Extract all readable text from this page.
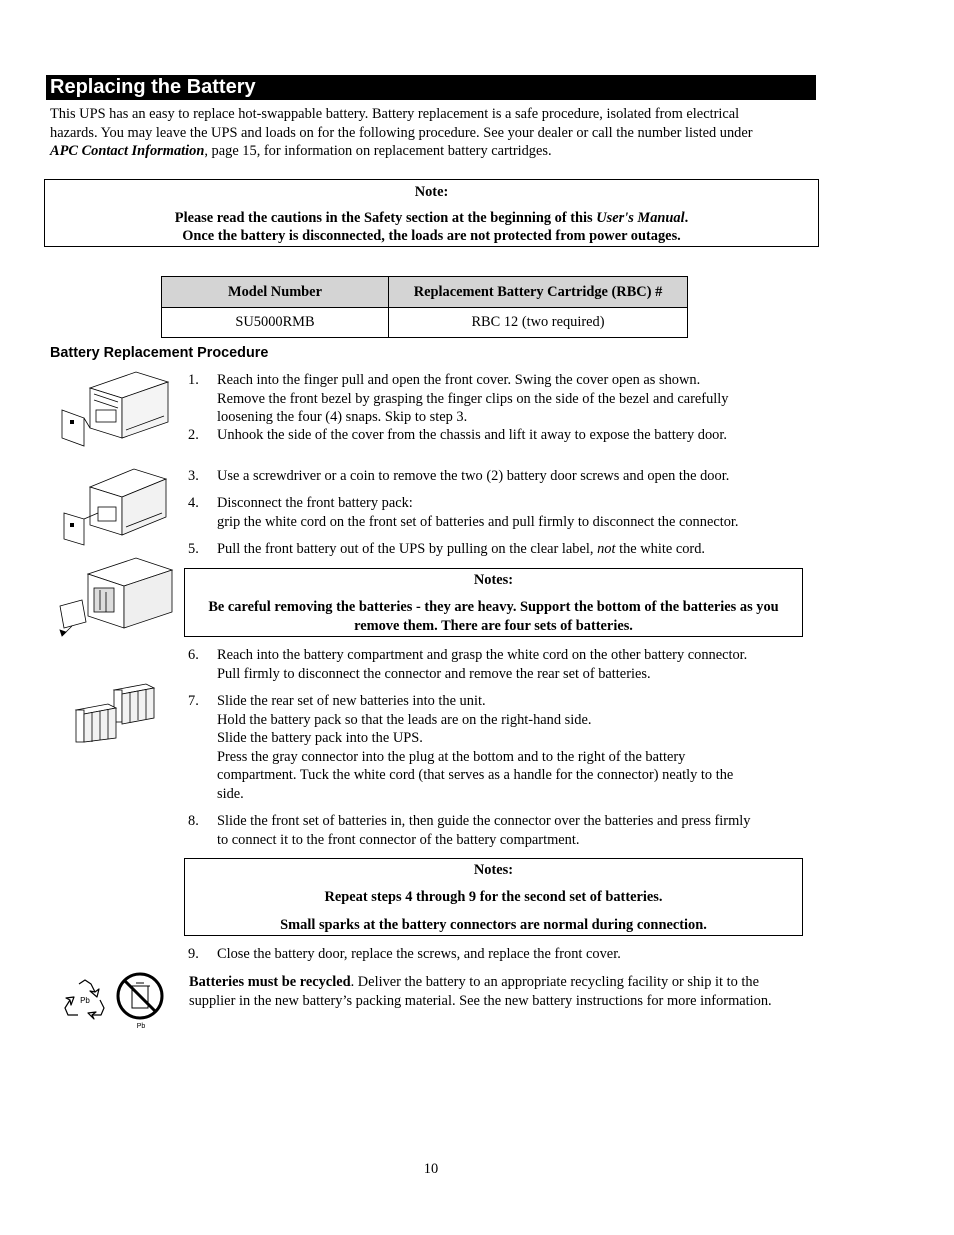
Replacing the Battery
This UPS has an easy to replace hot-swappable battery. Battery replacement is a safe procedure, isolated from electrical
hazards. You may leave the UPS and loads on for the following procedure. See your dealer or call the number listed under
APC Contact Information, page 15, for information on replacement battery cartridges.
Note:
Please read the cautions in the Safety section at the beginning of this User's Manual.
Once the battery is disconnected, the loads are not protected from power outages.
Model Number	Replacement Battery Cartridge (RBC) #
SU5000RMB	RBC 12 (two required)
Battery Replacement Procedure
1.	Reach into the finger pull and open the front cover. Swing the cover open as shown.
Remove the front bezel by grasping the finger clips on the side of the bezel and carefully
loosening the four (4) snaps. Skip to step 3.
2.	Unhook the side of the cover from the chassis and lift it away to expose the battery door.
3.	Use a screwdriver or a coin to remove the two (2) battery door screws and open the door.
4.	Disconnect the front battery pack:
grip the white cord on the front set of batteries and pull firmly to disconnect the connector.
5.	Pull the front battery out of the UPS by pulling on the clear label, not the white cord.
Notes:
Be careful removing the batteries - they are heavy. Support the bottom of the batteries as you remove them. There are four sets of batteries.
6.	Reach into the battery compartment and grasp the white cord on the other battery connector.
Pull firmly to disconnect the connector and remove the rear set of batteries.
7.	Slide the rear set of new batteries into the unit.
Hold the battery pack so that the leads are on the right-hand side.
Slide the battery pack into the UPS.
Press the gray connector into the plug at the bottom and to the right of the battery
compartment. Tuck the white cord (that serves as a handle for the connector) neatly to the
side.
8.	Slide the front set of batteries in, then guide the connector over the batteries and press firmly
to connect it to the front connector of the battery compartment.
Notes:
Repeat steps 4 through 9 for the second set of batteries.
Small sparks at the battery connectors are normal during connection.
9.	Close the battery door, replace the screws, and replace the front cover.
Pb
Pb
Batteries must be recycled. Deliver the battery to an appropriate recycling facility or ship it to the supplier in the new battery’s packing material. See the new battery instructions for more information.
10
